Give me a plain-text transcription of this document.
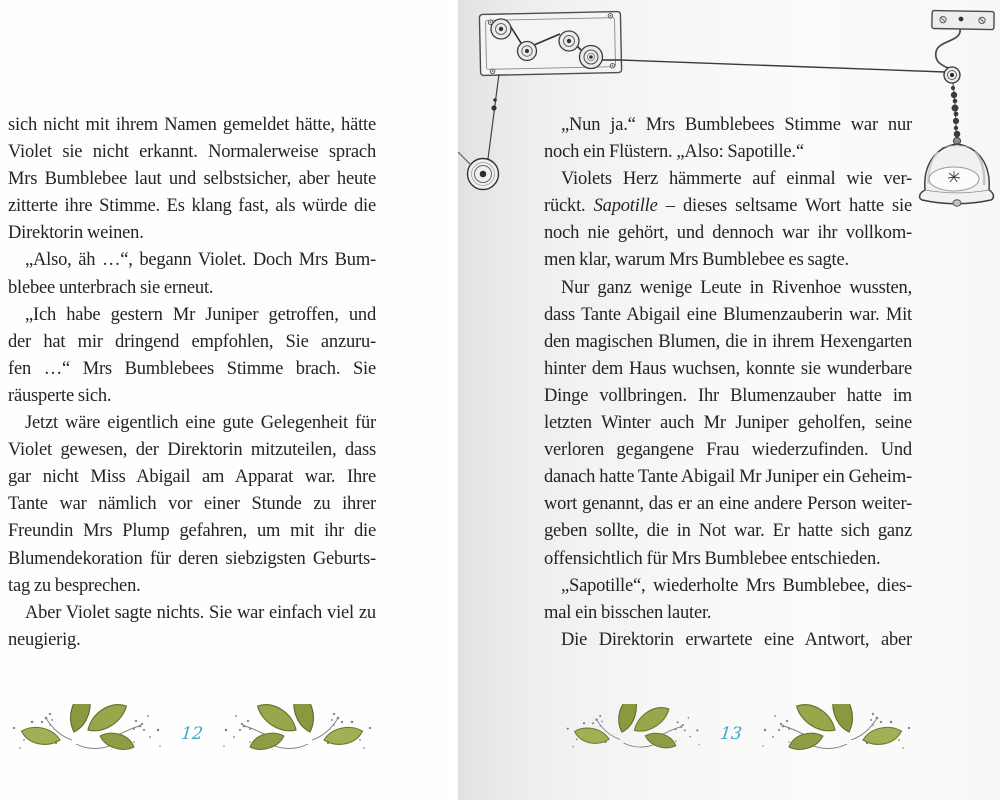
sich nicht mit ihrem Namen gemeldet hätte, hätte
Violet sie nicht erkannt. Normalerweise sprach
Mrs Bumblebee laut und selbstsicher, aber heute
zitterte ihre Stimme. Es klang fast, als würde die
Direktorin weinen.
„Also, äh …“, begann Violet. Doch Mrs Bum-
blebee unterbrach sie erneut.
„Ich habe gestern Mr Juniper getroffen, und
der hat mir dringend empfohlen, Sie anzuru-
fen …“ Mrs Bumblebees Stimme brach. Sie
räusperte sich.
Jetzt wäre eigentlich eine gute Gelegenheit für
Violet gewesen, der Direktorin mitzuteilen, dass
gar nicht Miss Abigail am Apparat war. Ihre
Tante war nämlich vor einer Stunde zu ihrer
Freundin Mrs Plump gefahren, um mit ihr die
Blumendekoration für deren siebzigsten Geburts-
tag zu besprechen.
Aber Violet sagte nichts. Sie war einfach viel zu
neugierig.
12
„Nun ja.“ Mrs Bumblebees Stimme war nur
noch ein Flüstern. „Also: Sapotille.“
Violets Herz hämmerte auf einmal wie ver-
rückt. Sapotille – dieses seltsame Wort hatte sie
noch nie gehört, und dennoch war ihr vollkom-
men klar, warum Mrs Bumblebee es sagte.
Nur ganz wenige Leute in Rivenhoe wussten,
dass Tante Abigail eine Blumenzauberin war. Mit
den magischen Blumen, die in ihrem Hexengarten
hinter dem Haus wuchsen, konnte sie wunderbare
Dinge vollbringen. Ihr Blumenzauber hatte im
letzten Winter auch Mr Juniper geholfen, seine
verloren gegangene Frau wiederzufinden. Und
danach hatte Tante Abigail Mr Juniper ein Geheim-
wort genannt, das er an eine andere Person weiter-
geben sollte, die in Not war. Er hatte sich ganz
offensichtlich für Mrs Bumblebee entschieden.
„Sapotille“, wiederholte Mrs Bumblebee, dies-
mal ein bisschen lauter.
Die Direktorin erwartete eine Antwort, aber
13
